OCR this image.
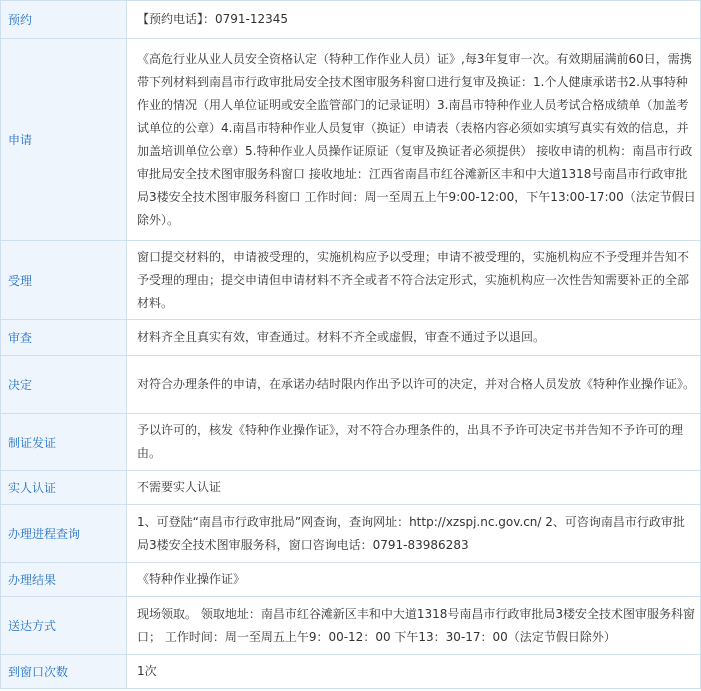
预约	【预约电话】：0791-12345
申请	《高危行业从业人员安全资格认定（特种工作作业人员）证》,每3年复审一次。有效期届满前60日，需携带下列材料到南昌市行政审批局安全技术图审服务科窗口进行复审及换证：1.个人健康承诺书2.从事特种作业的情况（用人单位证明或安全监管部门的记录证明）3.南昌市特种作业人员考试合格成绩单（加盖考试单位的公章）4.南昌市特种作业人员复审（换证）申请表（表格内容必须如实填写真实有效的信息，并加盖培训单位公章）5.特种作业人员操作证原证（复审及换证者必须提供） 接收申请的机构：南昌市行政审批局安全技术图审服务科窗口 接收地址：江西省南昌市红谷滩新区丰和中大道1318号南昌市行政审批局3楼安全技术图审服务科窗口 工作时间：周一至周五上午9:00-12:00，下午13:00-17:00（法定节假日除外）。
受理	窗口提交材料的，申请被受理的，实施机构应予以受理；申请不被受理的，实施机构应不予受理并告知不予受理的理由；提交申请但申请材料不齐全或者不符合法定形式，实施机构应一次性告知需要补正的全部材料。
审查	材料齐全且真实有效，审查通过。材料不齐全或虚假，审查不通过予以退回。
决定	对符合办理条件的申请，在承诺办结时限内作出予以许可的决定，并对合格人员发放《特种作业操作证》。
制证发证	予以许可的，核发《特种作业操作证》，对不符合办理条件的，出具不予许可决定书并告知不予许可的理由。
实人认证	不需要实人认证
办理进程查询	1、可登陆“南昌市行政审批局”网查询，查询网址：http://xzspj.nc.gov.cn/ 2、可咨询南昌市行政审批局3楼安全技术图审服务科，窗口咨询电话：0791-83986283
办理结果	《特种作业操作证》
送达方式	现场领取。 领取地址：南昌市红谷滩新区丰和中大道1318号南昌市行政审批局3楼安全技术图审服务科窗口； 工作时间：周一至周五上午9：00-12：00 下午13：30-17：00（法定节假日除外）
到窗口次数	1次
